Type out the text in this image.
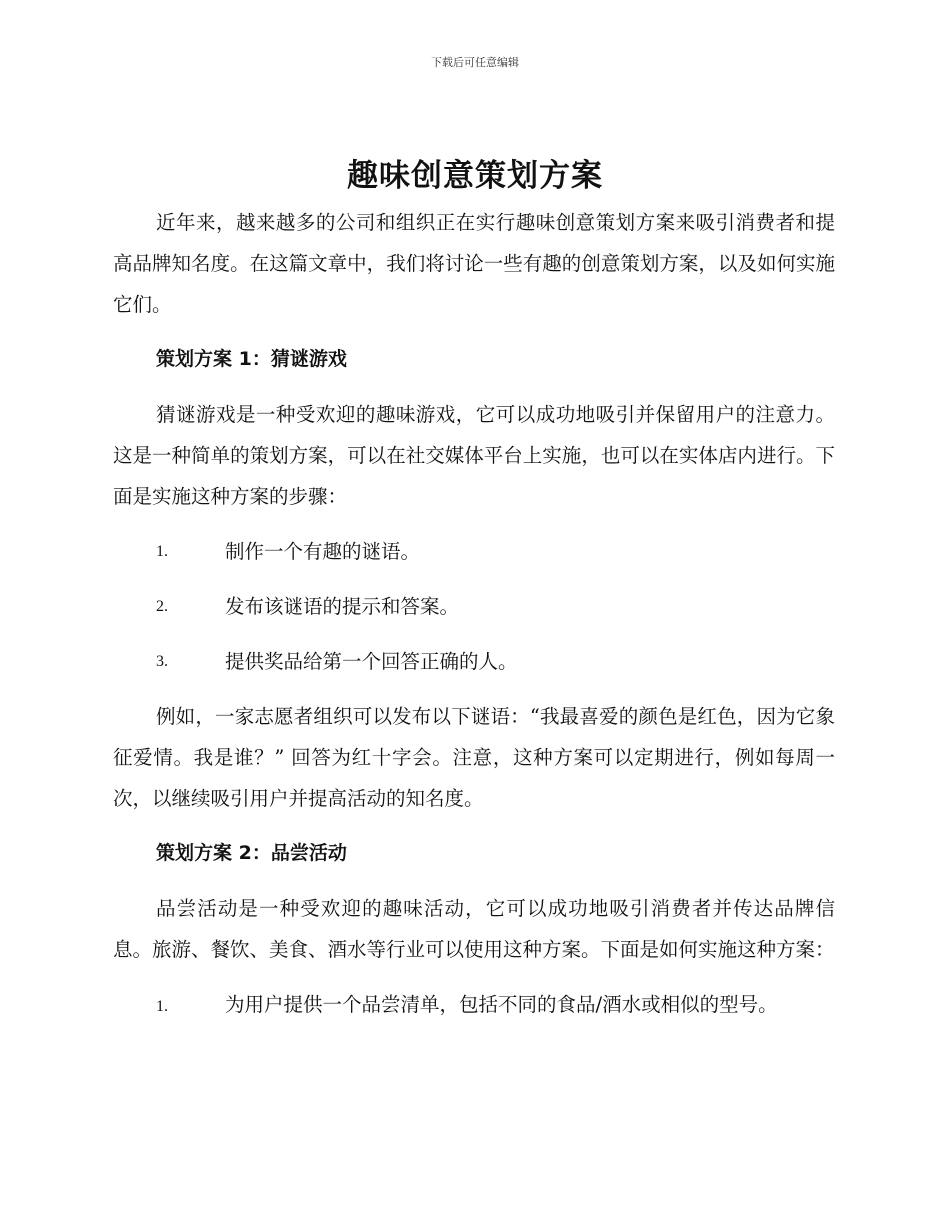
下载后可任意编辑
趣味创意策划方案

近年来，越来越多的公司和组织正在实行趣味创意策划方案来吸引消费者和提高品牌知名度。在这篇文章中，我们将讨论一些有趣的创意策划方案，以及如何实施它们。

策划方案 1：猜谜游戏

猜谜游戏是一种受欢迎的趣味游戏，它可以成功地吸引并保留用户的注意力。这是一种简单的策划方案，可以在社交媒体平台上实施，也可以在实体店内进行。下面是实施这种方案的步骤：

1.	制作一个有趣的谜语。
2.	发布该谜语的提示和答案。
3.	提供奖品给第一个回答正确的人。

例如，一家志愿者组织可以发布以下谜语：“我最喜爱的颜色是红色，因为它象征爱情。我是谁？” 回答为红十字会。注意，这种方案可以定期进行，例如每周一次，以继续吸引用户并提高活动的知名度。

策划方案 2：品尝活动

品尝活动是一种受欢迎的趣味活动，它可以成功地吸引消费者并传达品牌信息。旅游、餐饮、美食、酒水等行业可以使用这种方案。下面是如何实施这种方案：

1.	为用户提供一个品尝清单，包括不同的食品/酒水或相似的型号。
